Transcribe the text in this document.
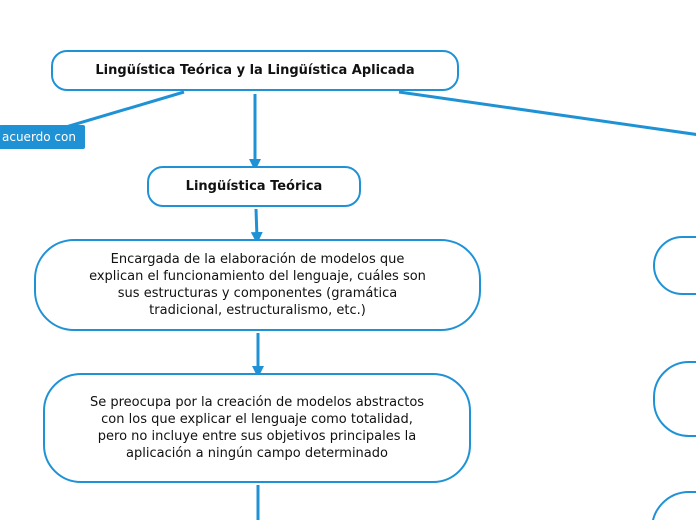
Lingüística Teórica y la Lingüística Aplicada
acuerdo con
Lingüística Teórica
Encargada de la elaboración de modelos que explican el funcionamiento del lenguaje, cuáles son sus estructuras y componentes (gramática tradicional, estructuralismo, etc.)
Se preocupa por la creación de modelos abstractos con los que explicar el lenguaje como totalidad, pero no incluye entre sus objetivos principales la aplicación a ningún campo determinado
